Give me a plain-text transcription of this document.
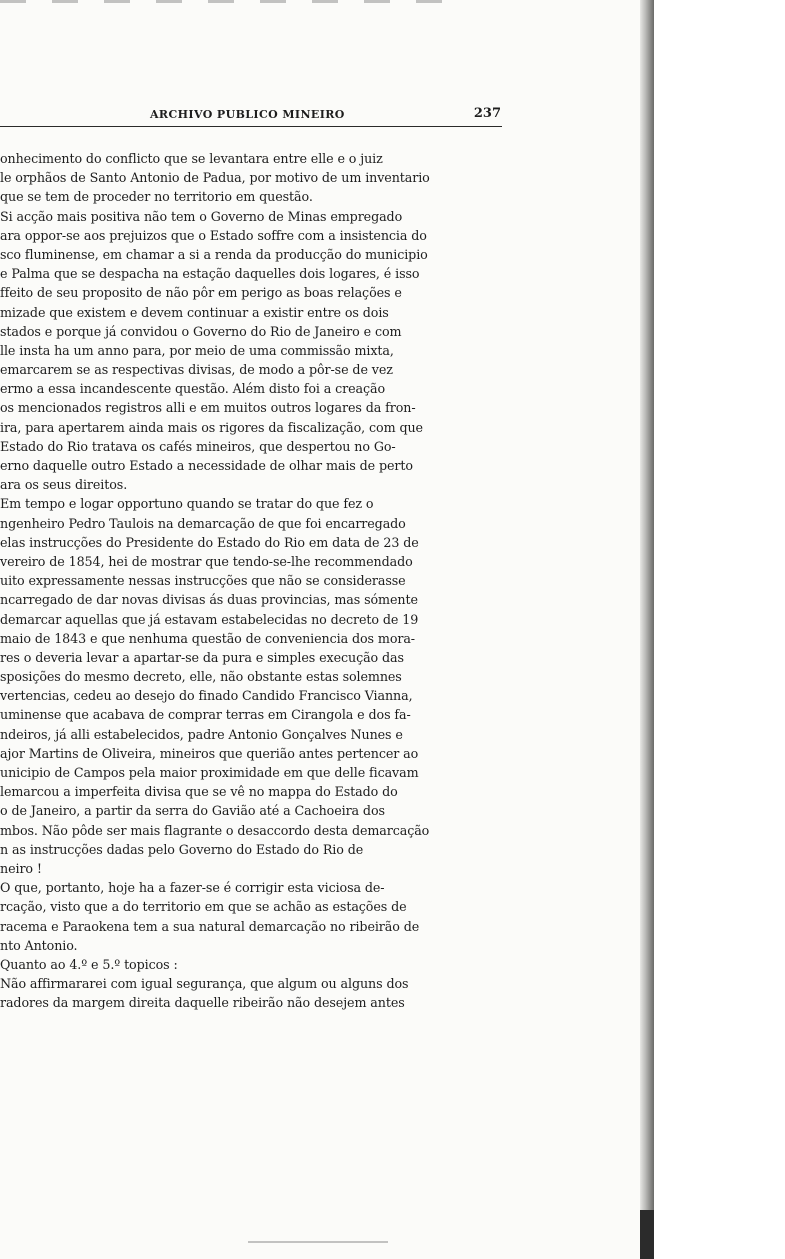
ARCHIVO PUBLICO MINEIRO	237
onhecimento do conflicto que se levantara entre elle e o juiz
le orphãos de Santo Antonio de Padua, por motivo de um inventario
que se tem de proceder no territorio em questão.
Si acção mais positiva não tem o Governo de Minas empregado
ara oppor-se aos prejuizos que o Estado soffre com a insistencia do
sco fluminense, em chamar a si a renda da producção do municipio
e Palma que se despacha na estação daquelles dois logares, é isso
ffeito de seu proposito de não pôr em perigo as boas relações e
mizade que existem e devem continuar a existir entre os dois
stados e porque já convidou o Governo do Rio de Janeiro e com
lle insta ha um anno para, por meio de uma commissão mixta,
emarcarem se as respectivas divisas, de modo a pôr-se de vez
ermo a essa incandescente questão. Além disto foi a creação
os mencionados registros alli e em muitos outros logares da fron-
ira, para apertarem ainda mais os rigores da fiscalização, com que
Estado do Rio tratava os cafés mineiros, que despertou no Go-
erno daquelle outro Estado a necessidade de olhar mais de perto
ara os seus direitos.
Em tempo e logar opportuno quando se tratar do que fez o
ngenheiro Pedro Taulois na demarcação de que foi encarregado
elas instrucções do Presidente do Estado do Rio em data de 23 de
vereiro de 1854, hei de mostrar que tendo-se-lhe recommendado
uito expressamente nessas instrucções que não se considerasse
ncarregado de dar novas divisas ás duas provincias, mas sómente
demarcar aquellas que já estavam estabelecidas no decreto de 19
maio de 1843 e que nenhuma questão de conveniencia dos mora-
res o deveria levar a apartar-se da pura e simples execução das
sposições do mesmo decreto, elle, não obstante estas solemnes
vertencias, cedeu ao desejo do finado Candido Francisco Vianna,
uminense que acabava de comprar terras em Cirangola e dos fa-
ndeiros, já alli estabelecidos, padre Antonio Gonçalves Nunes e
ajor Martins de Oliveira, mineiros que querião antes pertencer ao
unicipio de Campos pela maior proximidade em que delle ficavam
lemarcou a imperfeita divisa que se vê no mappa do Estado do
o de Janeiro, a partir da serra do Gavião até a Cachoeira dos
mbos. Não pôde ser mais flagrante o desaccordo desta demarcação
n as instrucções dadas pelo Governo do Estado do Rio de
neiro !
O que, portanto, hoje ha a fazer-se é corrigir esta viciosa de-
rcação, visto que a do territorio em que se achão as estações de
racema e Paraokena tem a sua natural demarcação no ribeirão de
nto Antonio.
Quanto ao 4.º e 5.º topicos :
Não affirmararei com igual segurança, que algum ou alguns dos
radores da margem direita daquelle ribeirão não desejem antes
